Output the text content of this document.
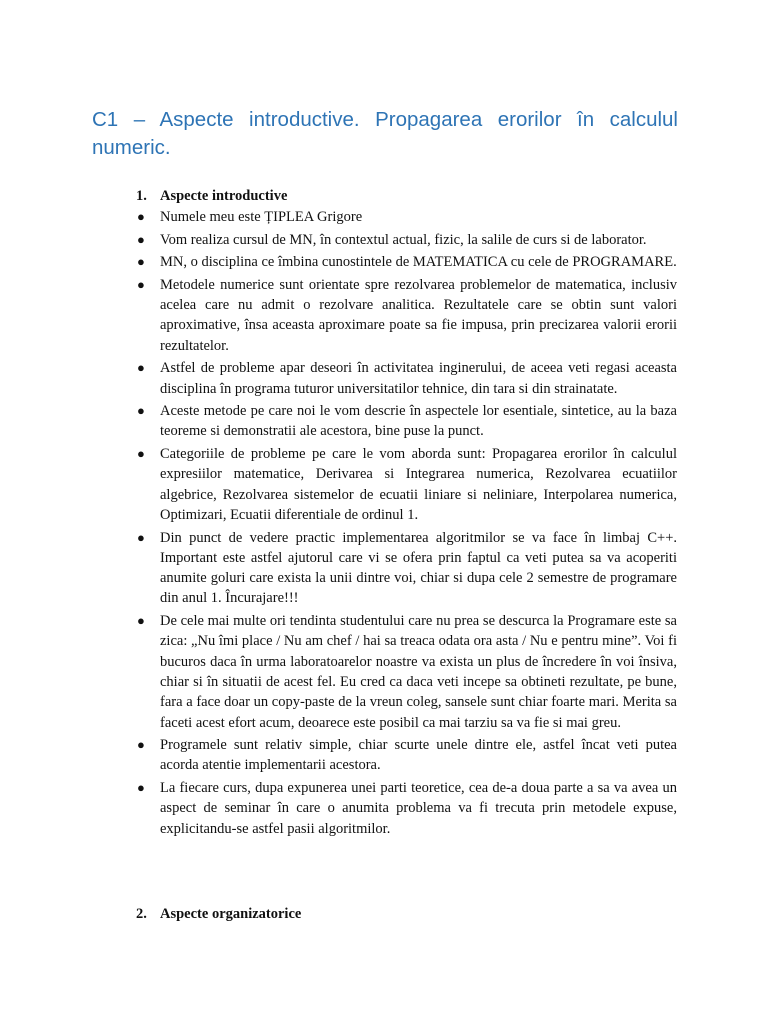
C1 – Aspecte introductive. Propagarea erorilor în calculul numeric.
1. Aspecte introductive
● Numele meu este ȚIPLEA Grigore
● Vom realiza cursul de MN, în contextul actual, fizic, la salile de curs si de laborator.
● MN, o disciplina ce îmbina cunostintele de MATEMATICA cu cele de PROGRAMARE.
● Metodele numerice sunt orientate spre rezolvarea problemelor de matematica, inclusiv acelea care nu admit o rezolvare analitica. Rezultatele care se obtin sunt valori aproximative, însa aceasta aproximare poate sa fie impusa, prin precizarea valorii erorii rezultatelor.
● Astfel de probleme apar deseori în activitatea inginerului, de aceea veti regasi aceasta disciplina în programa tuturor universitatilor tehnice, din tara si din strainatate.
● Aceste metode pe care noi le vom descrie în aspectele lor esentiale, sintetice, au la baza teoreme si demonstratii ale acestora, bine puse la punct.
● Categoriile de probleme pe care le vom aborda sunt: Propagarea erorilor în calculul expresiilor matematice, Derivarea si Integrarea numerica, Rezolvarea ecuatiilor algebrice, Rezolvarea sistemelor de ecuatii liniare si neliniare, Interpolarea numerica, Optimizari, Ecuatii diferentiale de ordinul 1.
● Din punct de vedere practic implementarea algoritmilor se va face în limbaj C++. Important este astfel ajutorul care vi se ofera prin faptul ca veti putea sa va acoperiti anumite goluri care exista la unii dintre voi, chiar si dupa cele 2 semestre de programare din anul 1. Încurajare!!!
● De cele mai multe ori tendinta studentului care nu prea se descurca la Programare este sa zica: „Nu îmi place / Nu am chef / hai sa treaca odata ora asta / Nu e pentru mine”. Voi fi bucuros daca în urma laboratoarelor noastre va exista un plus de încredere în voi însiva, chiar si în situatii de acest fel. Eu cred ca daca veti incepe sa obtineti rezultate, pe bune, fara a face doar un copy-paste de la vreun coleg, sansele sunt chiar foarte mari. Merita sa faceti acest efort acum, deoarece este posibil ca mai tarziu sa va fie si mai greu.
● Programele sunt relativ simple, chiar scurte unele dintre ele, astfel încat veti putea acorda atentie implementarii acestora.
● La fiecare curs, dupa expunerea unei parti teoretice, cea de-a doua parte a sa va avea un aspect de seminar în care o anumita problema va fi trecuta prin metodele expuse, explicitandu-se astfel pasii algoritmilor.
2. Aspecte organizatorice
